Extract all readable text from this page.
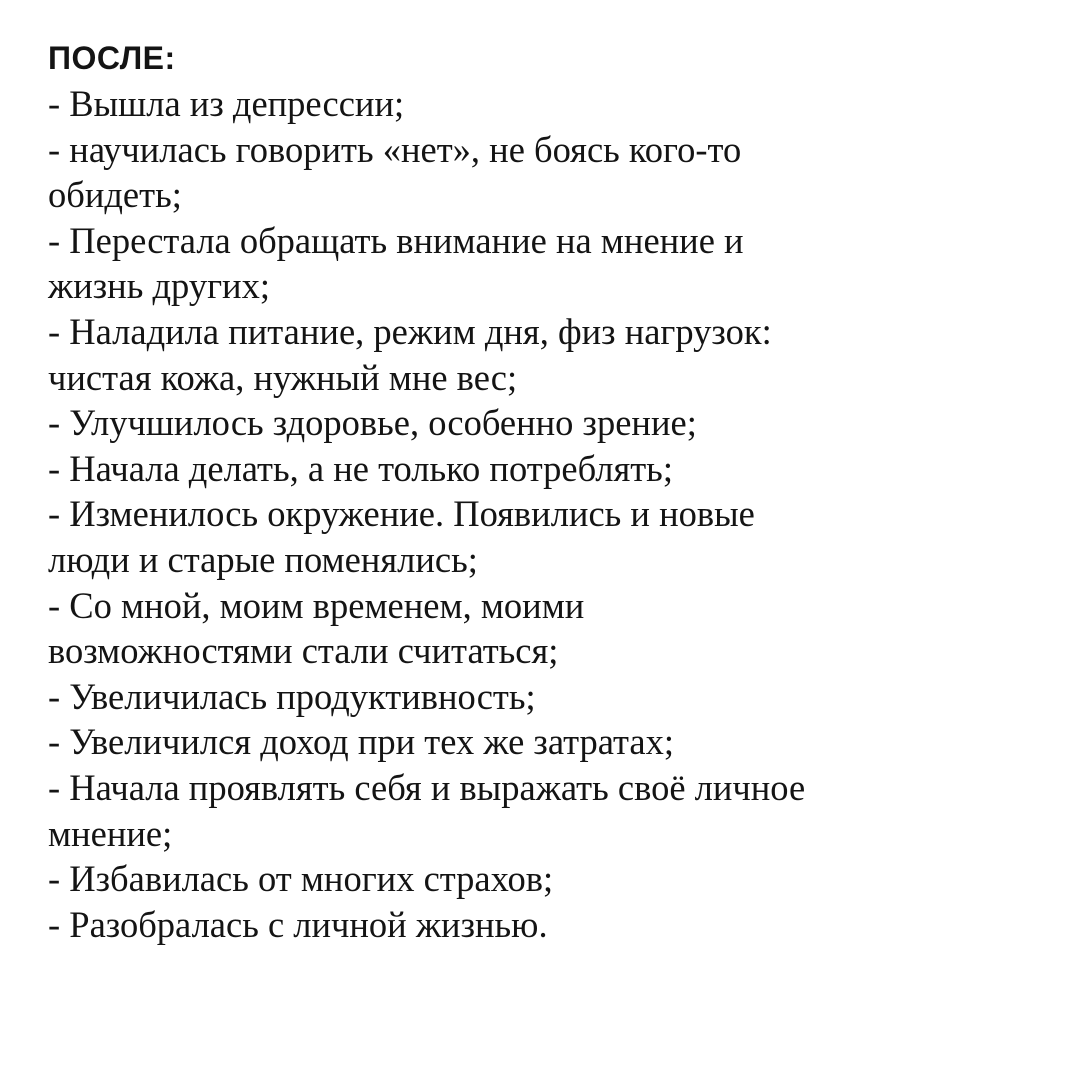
ПОСЛЕ:
- Вышла из депрессии;
- научилась говорить «нет», не боясь кого-то
обидеть;
- Перестала обращать внимание на мнение и
жизнь других;
- Наладила питание, режим дня, физ нагрузок:
чистая кожа, нужный мне вес;
- Улучшилось здоровье, особенно зрение;
- Начала делать, а не только потреблять;
- Изменилось окружение. Появились и новые
люди и старые поменялись;
- Со мной, моим временем, моими
возможностями стали считаться;
- Увеличилась продуктивность;
- Увеличился доход при тех же затратах;
- Начала проявлять себя и выражать своё личное
мнение;
- Избавилась от многих страхов;
- Разобралась с личной жизнью.
